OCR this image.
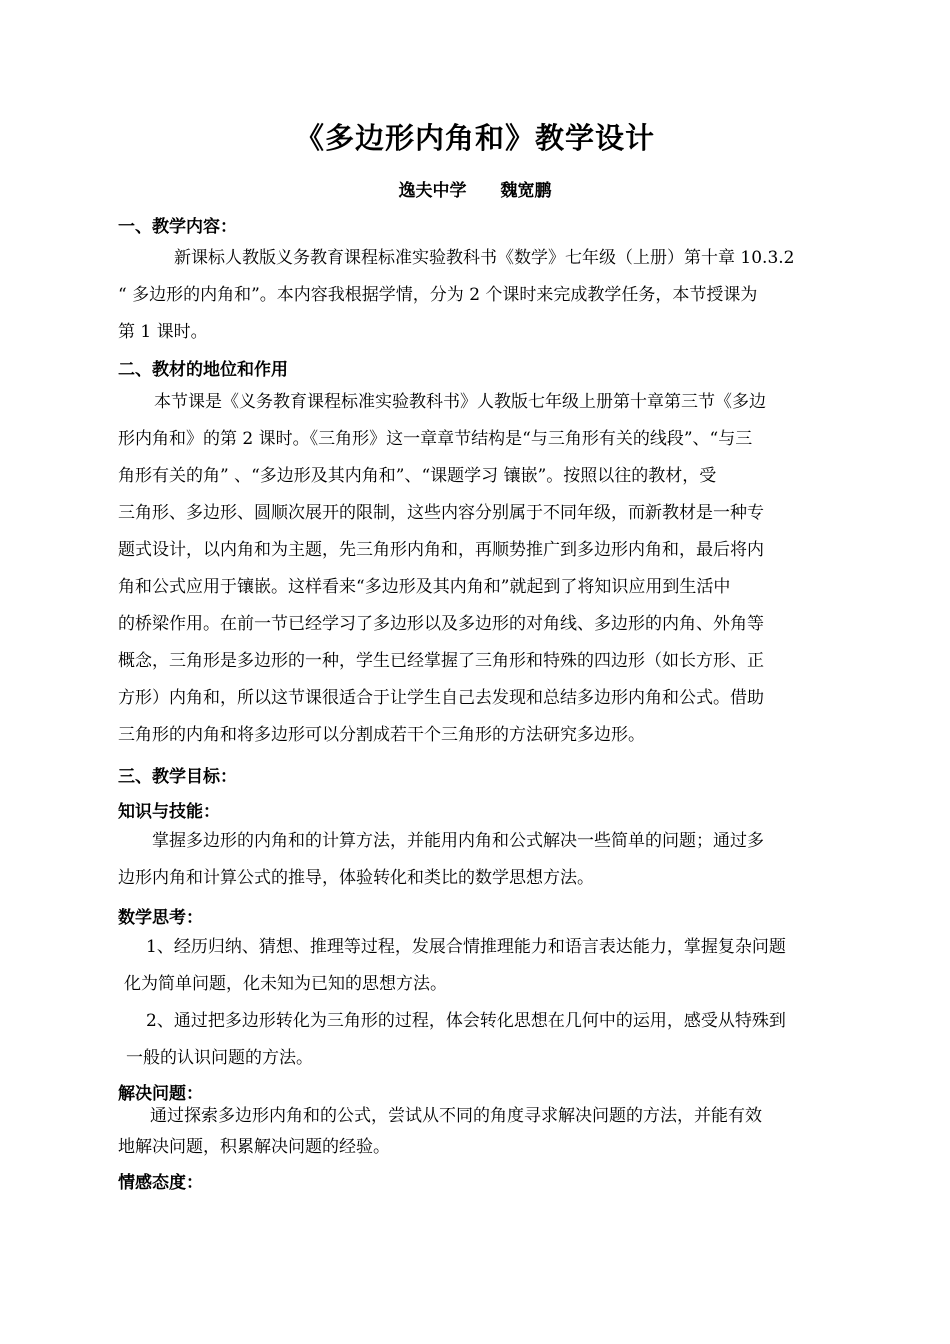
《多边形内角和》教学设计
逸夫中学 魏宽鹏
一、教学内容：
新课标人教版义务教育课程标准实验教科书《数学》七年级（上册）第十章 10.3.2
“ 多边形的内角和”。本内容我根据学情，分为 2 个课时来完成教学任务，本节授课为
第 1 课时。
二、教材的地位和作用
本节课是《义务教育课程标准实验教科书》人教版七年级上册第十章第三节《多边
形内角和》的第 2 课时。《三角形》这一章章节结构是“与三角形有关的线段”、“与三
角形有关的角” 、“多边形及其内角和”、“课题学习 镶嵌”。按照以往的教材，受
三角形、多边形、圆顺次展开的限制，这些内容分别属于不同年级，而新教材是一种专
题式设计，以内角和为主题，先三角形内角和，再顺势推广到多边形内角和，最后将内
角和公式应用于镶嵌。这样看来“多边形及其内角和”就起到了将知识应用到生活中
的桥梁作用。在前一节已经学习了多边形以及多边形的对角线、多边形的内角、外角等
概念，三角形是多边形的一种，学生已经掌握了三角形和特殊的四边形（如长方形、正
方形）内角和，所以这节课很适合于让学生自己去发现和总结多边形内角和公式。借助
三角形的内角和将多边形可以分割成若干个三角形的方法研究多边形。
三、教学目标：
知识与技能：
掌握多边形的内角和的计算方法，并能用内角和公式解决一些简单的问题；通过多
边形内角和计算公式的推导，体验转化和类比的数学思想方法。
数学思考：
1、经历归纳、猜想、推理等过程，发展合情推理能力和语言表达能力，掌握复杂问题
化为简单问题，化未知为已知的思想方法。
2、通过把多边形转化为三角形的过程，体会转化思想在几何中的运用，感受从特殊到
一般的认识问题的方法。
解决问题：
通过探索多边形内角和的公式，尝试从不同的角度寻求解决问题的方法，并能有效
地解决问题，积累解决问题的经验。
情感态度：
